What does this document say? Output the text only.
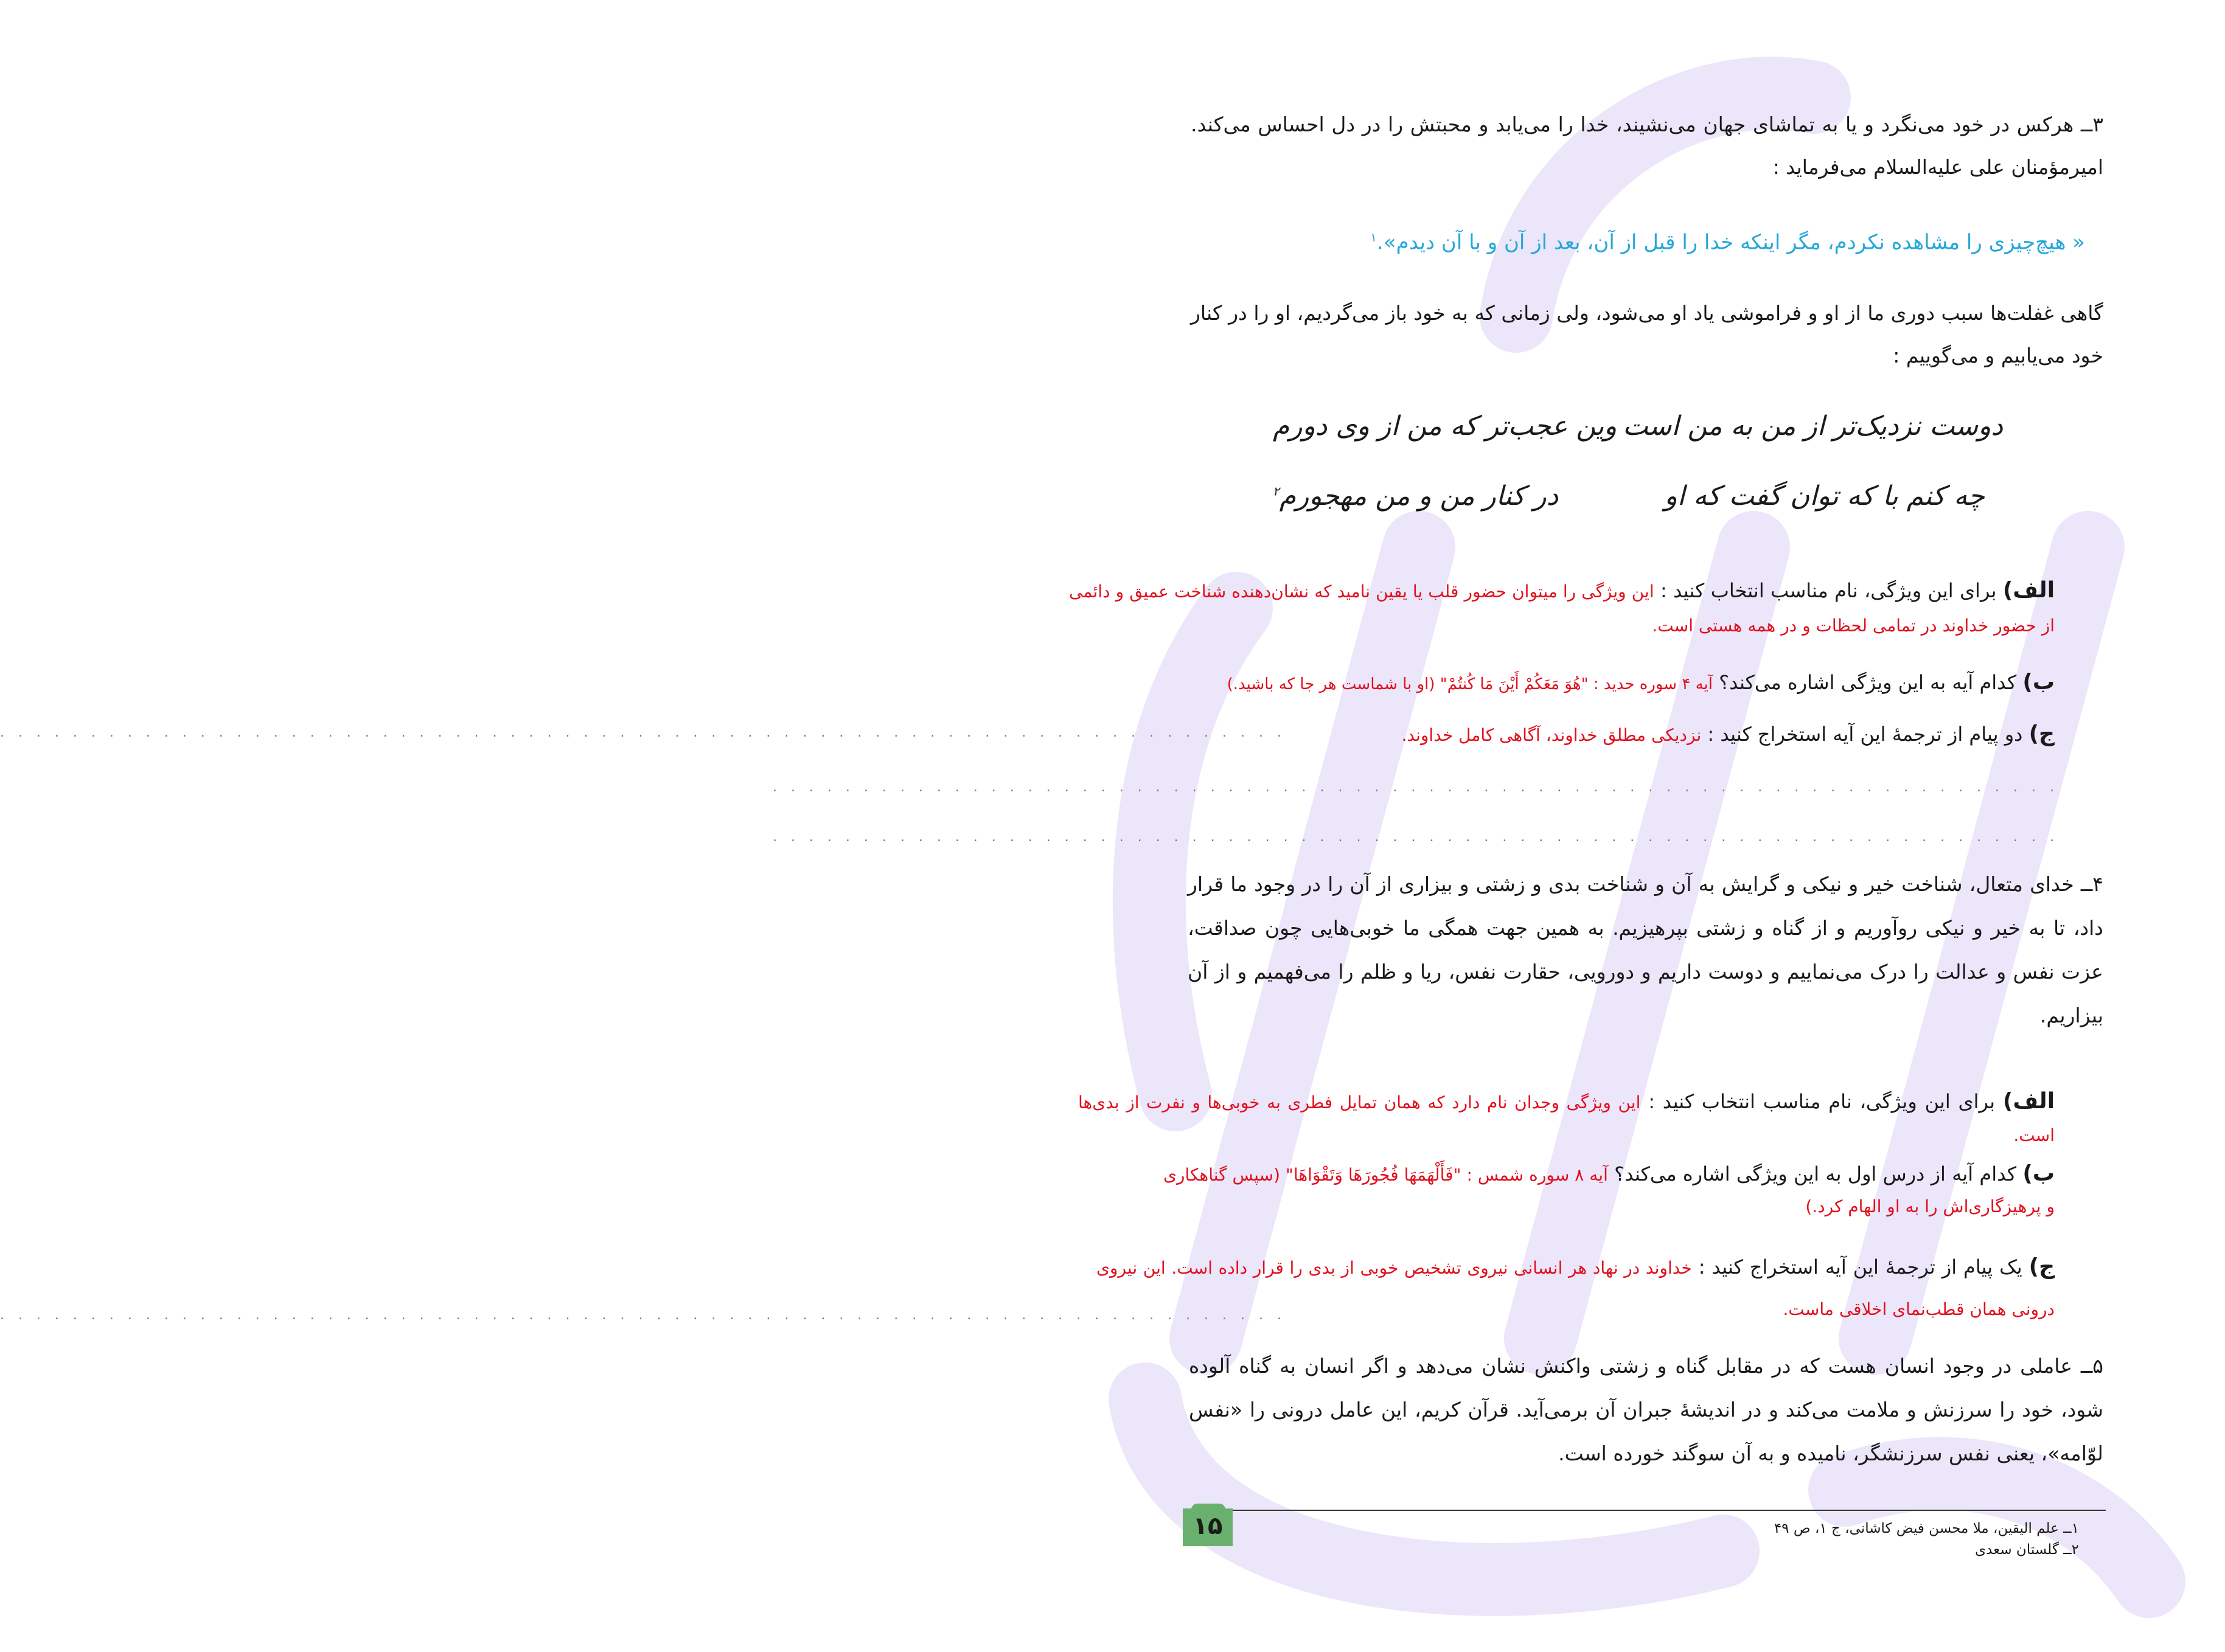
۳ــ هرکس در خود می‌نگرد و یا به تماشای جهان می‌نشیند، خدا را می‌یابد و محبتش را در دل احساس می‌کند. امیرمؤمنان علی علیه‌السلام می‌فرماید :
« هیچ‌چیزی را مشاهده نکردم، مگر اینکه خدا را قبل از آن، بعد از آن و با آن دیدم».$^۱$
گاهی غفلت‌ها سبب دوری ما از او و فراموشی یاد او می‌شود، ولی زمانی که به خود باز می‌گردیم، او را در کنار خود می‌یابیم و می‌گوییم :
دوست نزدیک‌تر از من به من است
وین عجب‌تر که من از وی دورم
چه کنم با که توان گفت که او
در کنار من و من مهجورم$^۲$
الف) برای این ویژگی، نام مناسب انتخاب کنید : این ویژگی را میتوان حضور قلب یا یقین نامید که نشان‌دهنده شناخت عمیق و دائمی از حضور خداوند در تمامی لحظات و در همه هستی است.
ب) کدام آیه به این ویژگی اشاره می‌کند؟ آیه ۴ سوره حدید : "هُوَ مَعَکُمْ أَیْنَ مَا کُنتُمْ" (او با شماست هر جا که باشید.)
ج) دو پیام از ترجمهٔ این آیه استخراج کنید : نزدیکی مطلق خداوند، آگاهی کامل خداوند.
. . . . . . . . . . . . . . . . . . . . . . . . . . . . . . . . . . . . . . . . . . . . . . . . . . . . . . . . . . . . . . . . . . . . . . .
. . . . . . . . . . . . . . . . . . . . . . . . . . . . . . . . . . . . . . . . . . . . . . . . . . . . . . . . . . . . . . . . . . . . . . .
. . . . . . . . . . . . . . . . . . . . . . . . . . . . . . . . . . . . . . . . . . . . . . . . . . . . . . . . . . . . . . . . . . . . . . .
۴ــ خدای متعال، شناخت خیر و نیکی و گرایش به آن و شناخت بدی و زشتی و بیزاری از آن را در وجود ما قرار داد، تا به خیر و نیکی روآوریم و از گناه و زشتی بپرهیزیم. به همین جهت همگی ما خوبی‌هایی چون صداقت، عزت نفس و عدالت را درک می‌نماییم و دوست داریم و دورویی، حقارت نفس، ریا و ظلم را می‌فهمیم و از آن بیزاریم.
الف) برای این ویژگی، نام مناسب انتخاب کنید : این ویژگی وجدان نام دارد که همان تمایل فطری به خوبی‌ها و نفرت از بدی‌ها است.
ب) کدام آیه از درس اول به این ویژگی اشاره می‌کند؟ آیه ۸ سوره شمس : "فَأَلْهَمَهَا فُجُورَهَا وَتَقْوَاهَا" (سپس گناهکاری و پرهیزگاری‌اش را به او الهام کرد.)
ج) یک پیام از ترجمهٔ این آیه استخراج کنید : خداوند در نهاد هر انسانی نیروی تشخیص خوبی از بدی را قرار داده است. این نیروی درونی همان قطب‌نمای اخلاقی ماست.
. . . . . . . . . . . . . . . . . . . . . . . . . . . . . . . . . . . . . . . . . . . . . . . . . . . . . . . . . . . . . . . . . . . . . . .
۵ــ عاملی در وجود انسان هست که در مقابل گناه و زشتی واکنش نشان می‌دهد و اگر انسان به گناه آلوده شود، خود را سرزنش و ملامت می‌کند و در اندیشهٔ جبران آن برمی‌آید. قرآن کریم، این عامل درونی را «نفس لوّامه»، یعنی نفس سرزنشگر، نامیده و به آن سوگند خورده است.
۱ــ علم الیقین، ملا محسن فیض کاشانی، ج ۱، ص ۴۹
۲ــ گلستان سعدی
۱۵
